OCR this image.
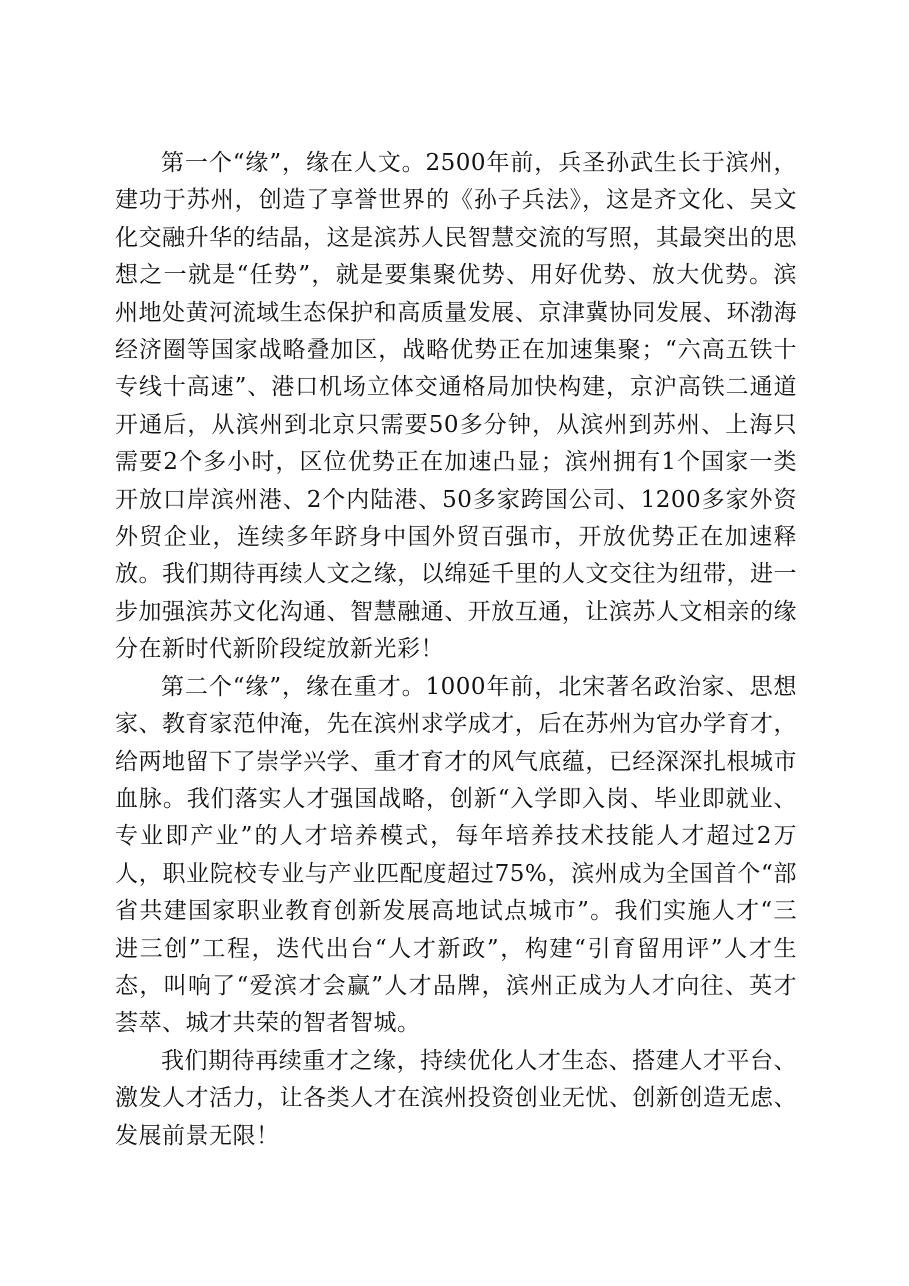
第一个“缘”，缘在人文。2500年前，兵圣孙武生长于滨州，建功于苏州，创造了享誉世界的《孙子兵法》，这是齐文化、吴文化交融升华的结晶，这是滨苏人民智慧交流的写照，其最突出的思想之一就是“任势”，就是要集聚优势、用好优势、放大优势。滨州地处黄河流域生态保护和高质量发展、京津冀协同发展、环渤海经济圈等国家战略叠加区，战略优势正在加速集聚；“六高五铁十专线十高速”、港口机场立体交通格局加快构建，京沪高铁二通道开通后，从滨州到北京只需要50多分钟，从滨州到苏州、上海只需要2个多小时，区位优势正在加速凸显；滨州拥有1个国家一类开放口岸滨州港、2个内陆港、50多家跨国公司、1200多家外资外贸企业，连续多年跻身中国外贸百强市，开放优势正在加速释放。我们期待再续人文之缘，以绵延千里的人文交往为纽带，进一步加强滨苏文化沟通、智慧融通、开放互通，让滨苏人文相亲的缘分在新时代新阶段绽放新光彩！

第二个“缘”，缘在重才。1000年前，北宋著名政治家、思想家、教育家范仲淹，先在滨州求学成才，后在苏州为官办学育才，给两地留下了崇学兴学、重才育才的风气底蕴，已经深深扎根城市血脉。我们落实人才强国战略，创新“入学即入岗、毕业即就业、专业即产业”的人才培养模式，每年培养技术技能人才超过2万人，职业院校专业与产业匹配度超过75%，滨州成为全国首个“部省共建国家职业教育创新发展高地试点城市”。我们实施人才“三进三创”工程，迭代出台“人才新政”，构建“引育留用评”人才生态，叫响了“爱滨才会赢”人才品牌，滨州正成为人才向往、英才荟萃、城才共荣的智者智城。

我们期待再续重才之缘，持续优化人才生态、搭建人才平台、激发人才活力，让各类人才在滨州投资创业无忧、创新创造无虑、发展前景无限！
